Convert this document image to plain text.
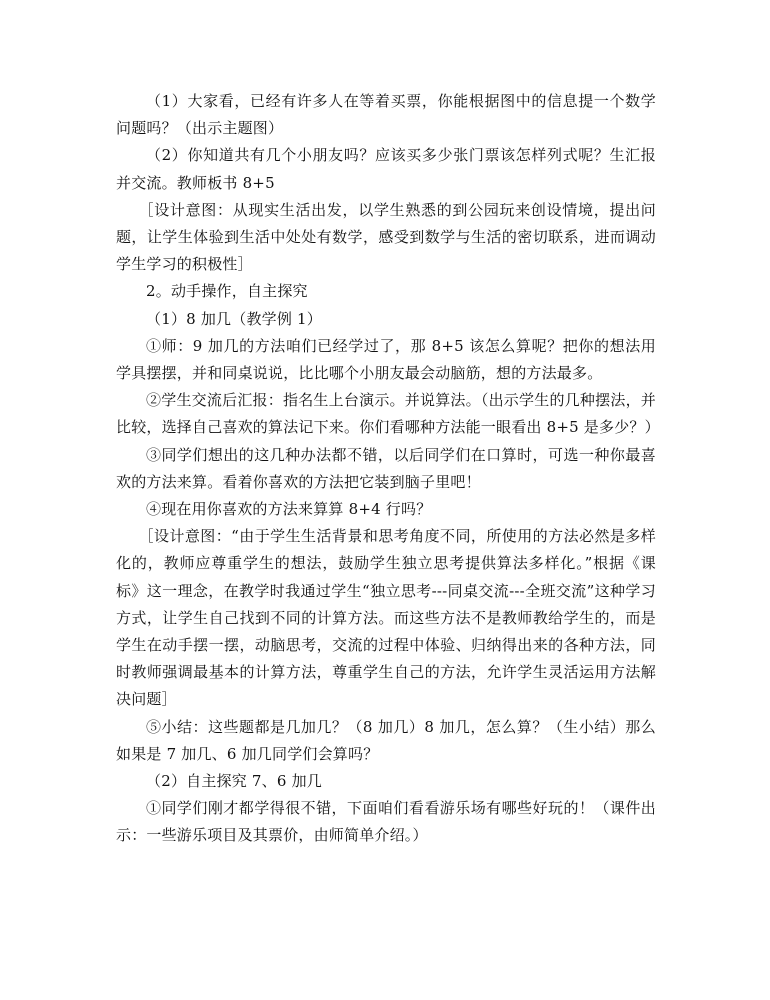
（1）大家看，已经有许多人在等着买票，你能根据图中的信息提一个数学问题吗？（出示主题图）

（2）你知道共有几个小朋友吗？应该买多少张门票该怎样列式呢？生汇报并交流。教师板书 8+5

［设计意图：从现实生活出发，以学生熟悉的到公园玩来创设情境，提出问题，让学生体验到生活中处处有数学，感受到数学与生活的密切联系，进而调动学生学习的积极性］

2。动手操作，自主探究

（1）8 加几（教学例 1）

①师：9 加几的方法咱们已经学过了，那 8+5 该怎么算呢？把你的想法用学具摆摆，并和同桌说说，比比哪个小朋友最会动脑筋，想的方法最多。

②学生交流后汇报：指名生上台演示。并说算法。（出示学生的几种摆法，并比较，选择自己喜欢的算法记下来。你们看哪种方法能一眼看出 8+5 是多少？）

③同学们想出的这几种办法都不错，以后同学们在口算时，可选一种你最喜欢的方法来算。看着你喜欢的方法把它装到脑子里吧！

④现在用你喜欢的方法来算算 8+4 行吗？

［设计意图：“由于学生生活背景和思考角度不同，所使用的方法必然是多样化的，教师应尊重学生的想法，鼓励学生独立思考提供算法多样化。”根据《课标》这一理念，在教学时我通过学生“独立思考---同桌交流---全班交流”这种学习方式，让学生自己找到不同的计算方法。而这些方法不是教师教给学生的，而是学生在动手摆一摆，动脑思考，交流的过程中体验、归纳得出来的各种方法，同时教师强调最基本的计算方法，尊重学生自己的方法，允许学生灵活运用方法解决问题］

⑤小结：这些题都是几加几？（8 加几）8 加几，怎么算？（生小结）那么如果是 7 加几、6 加几同学们会算吗？

（2）自主探究 7、6 加几

①同学们刚才都学得很不错，下面咱们看看游乐场有哪些好玩的！（课件出示：一些游乐项目及其票价，由师简单介绍。）
